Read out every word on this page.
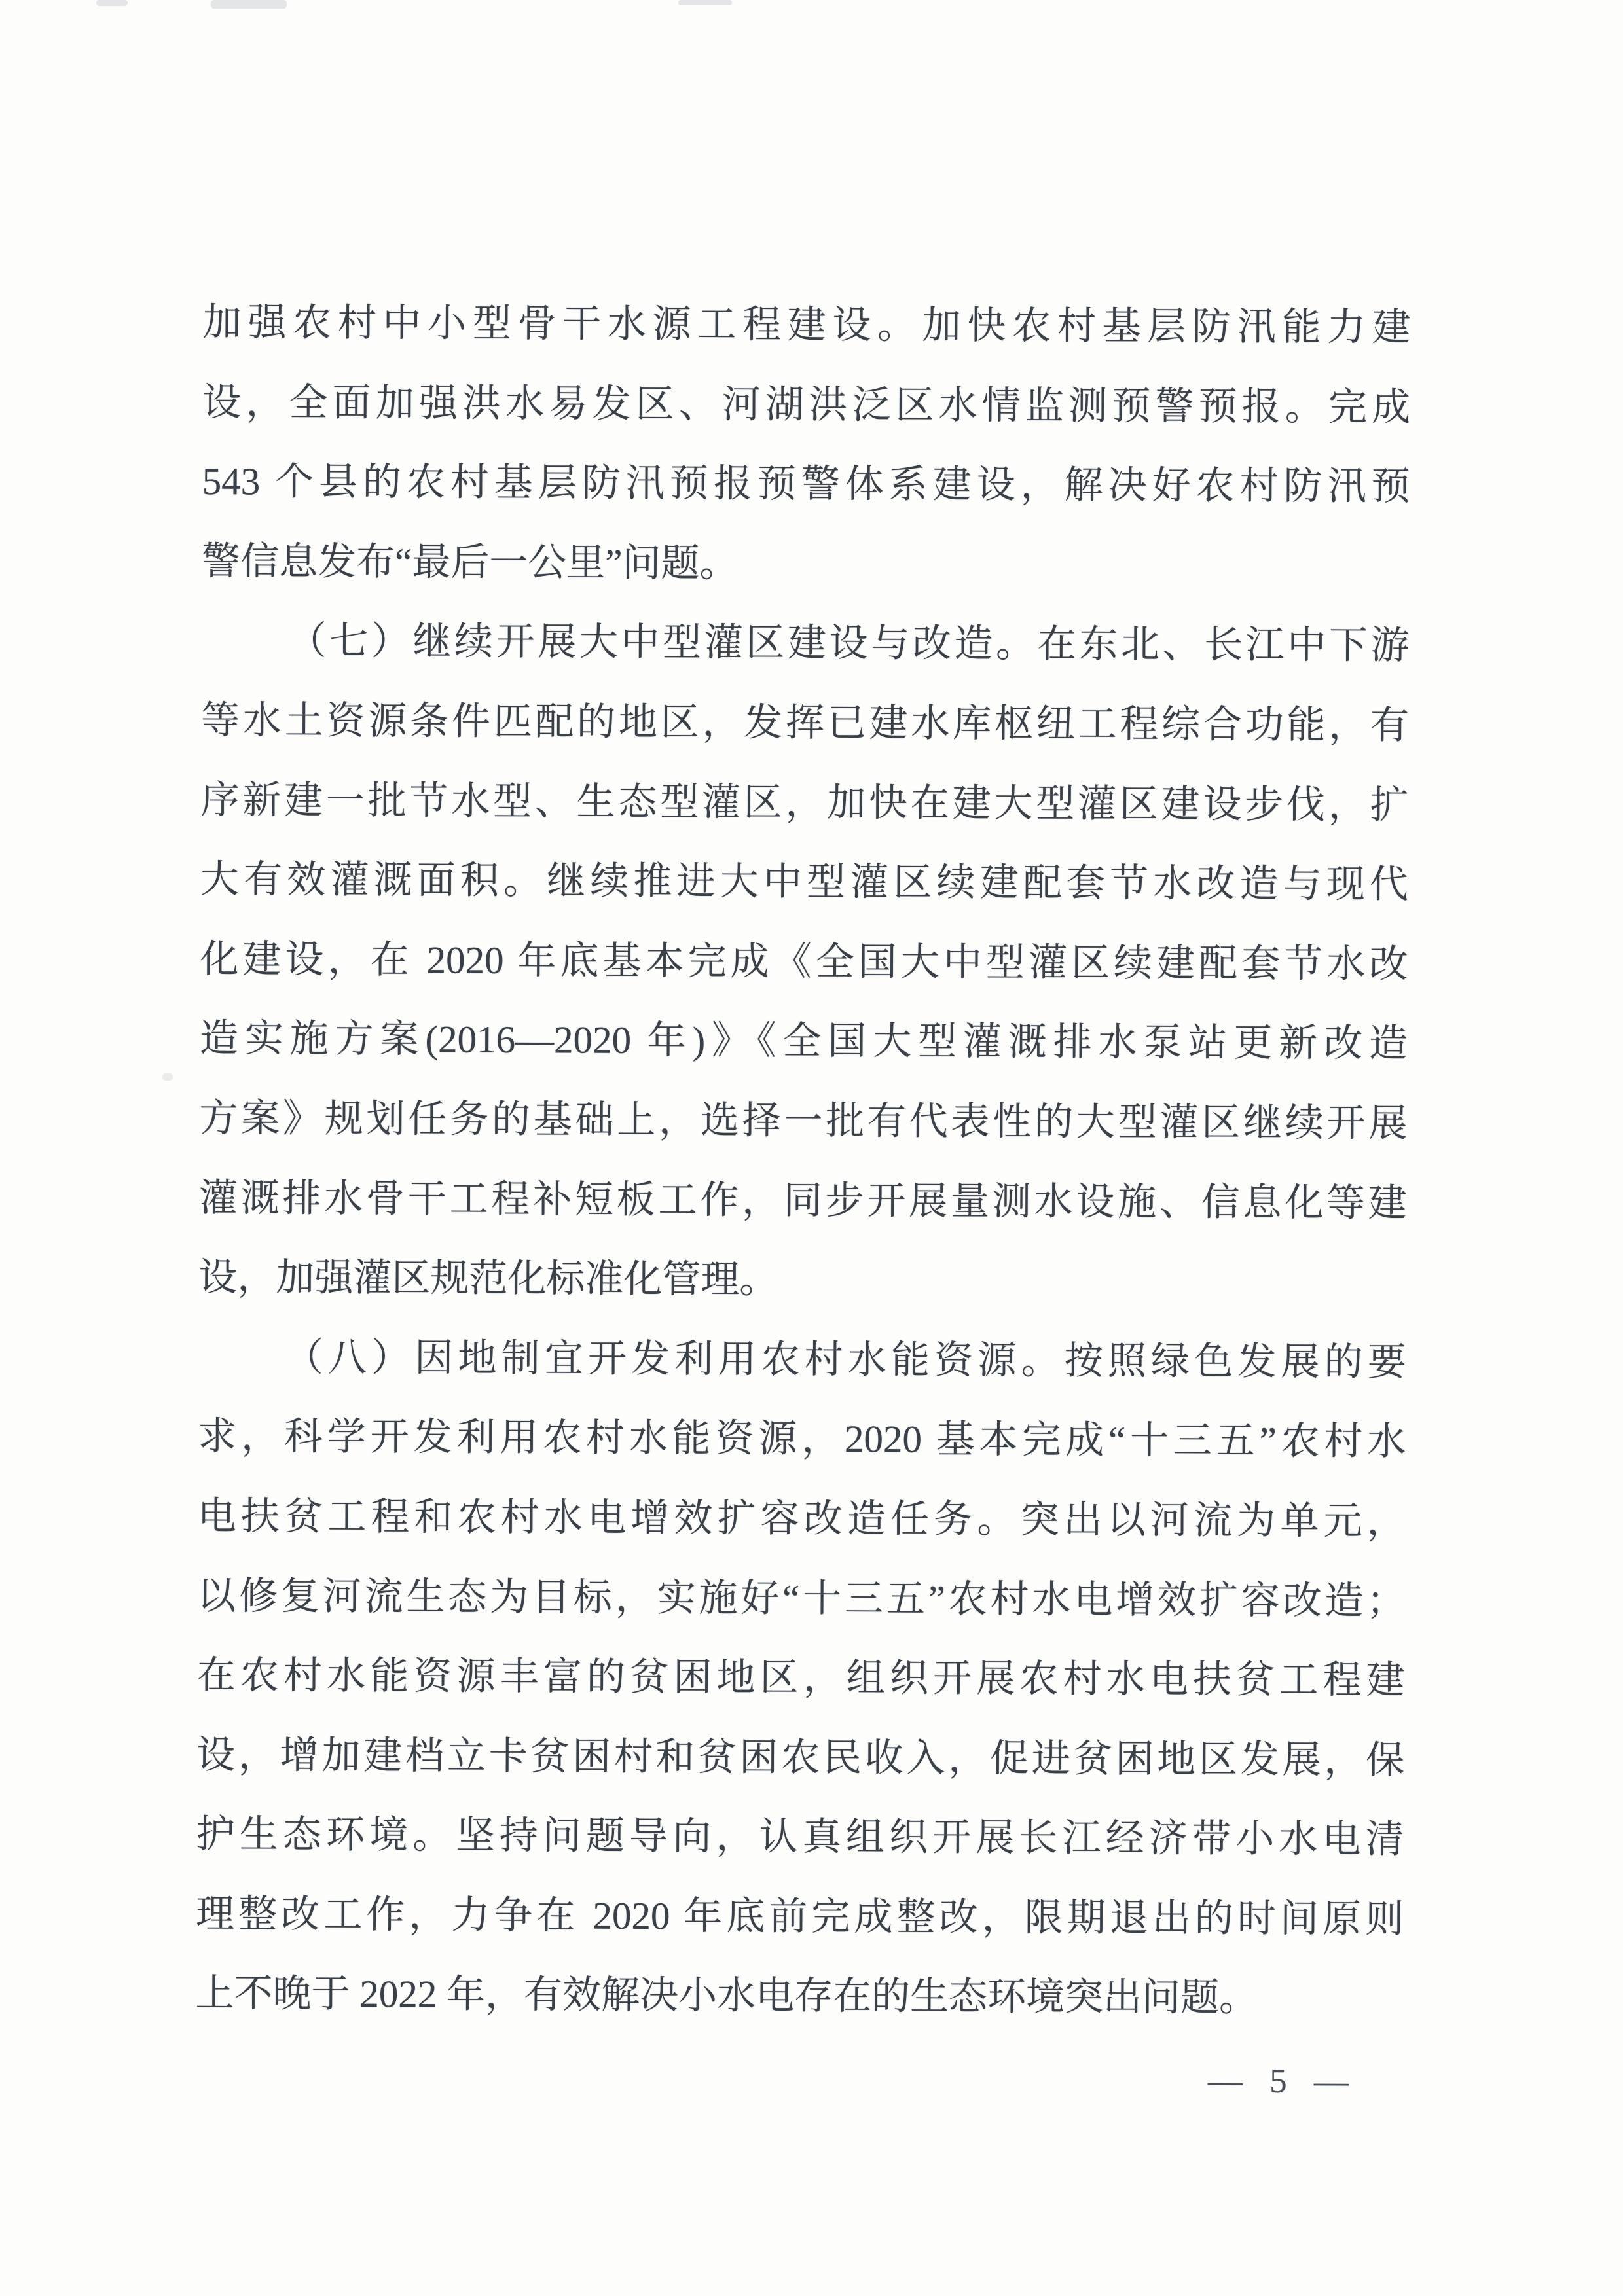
加强农村中小型骨干水源工程建设。加快农村基层防汛能力建
设，全面加强洪水易发区、河湖洪泛区水情监测预警预报。完成
543 个县的农村基层防汛预报预警体系建设，解决好农村防汛预
警信息发布“最后一公里”问题。
（七）继续开展大中型灌区建设与改造。在东北、长江中下游
等水土资源条件匹配的地区，发挥已建水库枢纽工程综合功能，有
序新建一批节水型、生态型灌区，加快在建大型灌区建设步伐，扩
大有效灌溉面积。继续推进大中型灌区续建配套节水改造与现代
化建设，在 2020 年底基本完成《全国大中型灌区续建配套节水改
造实施方案(2016—2020 年)》《全国大型灌溉排水泵站更新改造
方案》规划任务的基础上，选择一批有代表性的大型灌区继续开展
灌溉排水骨干工程补短板工作，同步开展量测水设施、信息化等建
设，加强灌区规范化标准化管理。
（八）因地制宜开发利用农村水能资源。按照绿色发展的要
求，科学开发利用农村水能资源，2020 基本完成“十三五”农村水
电扶贫工程和农村水电增效扩容改造任务。突出以河流为单元，
以修复河流生态为目标，实施好“十三五”农村水电增效扩容改造；
在农村水能资源丰富的贫困地区，组织开展农村水电扶贫工程建
设，增加建档立卡贫困村和贫困农民收入，促进贫困地区发展，保
护生态环境。坚持问题导向，认真组织开展长江经济带小水电清
理整改工作，力争在 2020 年底前完成整改，限期退出的时间原则
上不晚于 2022 年，有效解决小水电存在的生态环境突出问题。
— 5 —
